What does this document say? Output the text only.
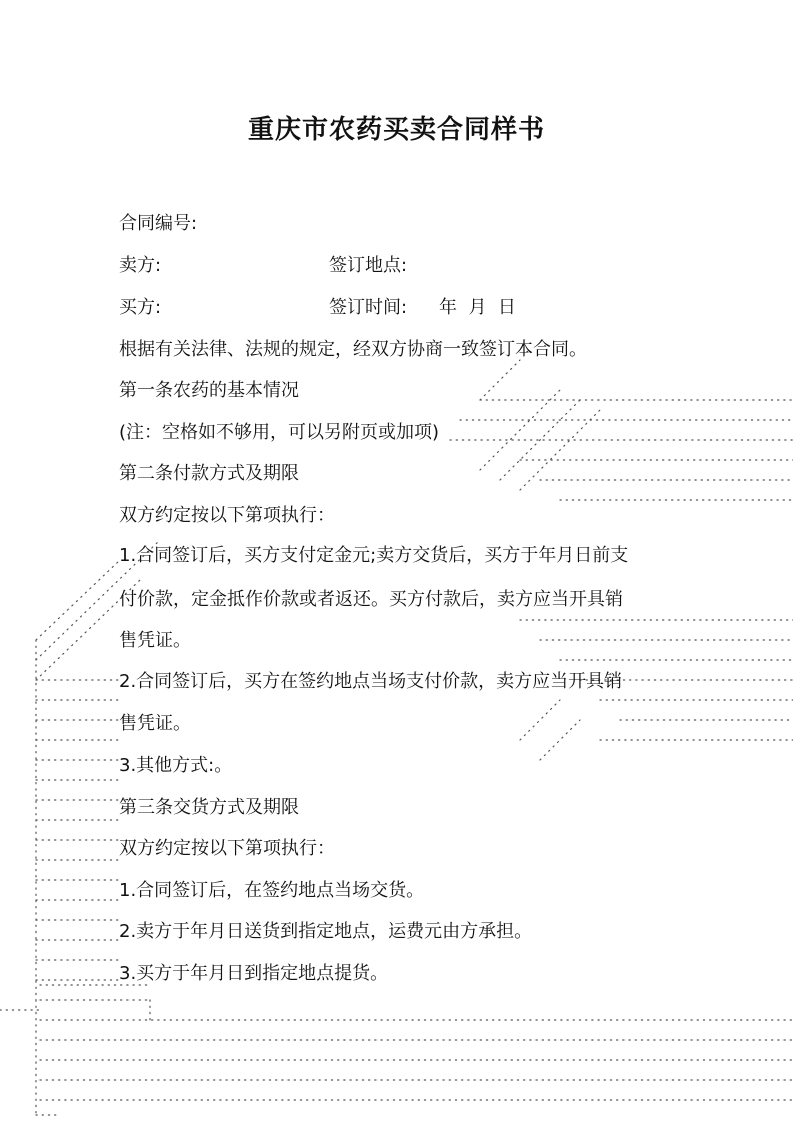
重庆市农药买卖合同样书
合同编号:
卖方:	签订地点:
买方:	签订时间: 年  月  日
根据有关法律、法规的规定，经双方协商一致签订本合同。
第一条农药的基本情况
(注：空格如不够用，可以另附页或加项)
第二条付款方式及期限
双方约定按以下第项执行：
1.合同签订后，买方支付定金元;卖方交货后，买方于年月日前支
付价款，定金抵作价款或者返还。买方付款后，卖方应当开具销
售凭证。
2.合同签订后，买方在签约地点当场支付价款，卖方应当开具销
售凭证。
3.其他方式:。
第三条交货方式及期限
双方约定按以下第项执行：
1.合同签订后，在签约地点当场交货。
2.卖方于年月日送货到指定地点，运费元由方承担。
3.买方于年月日到指定地点提货。
